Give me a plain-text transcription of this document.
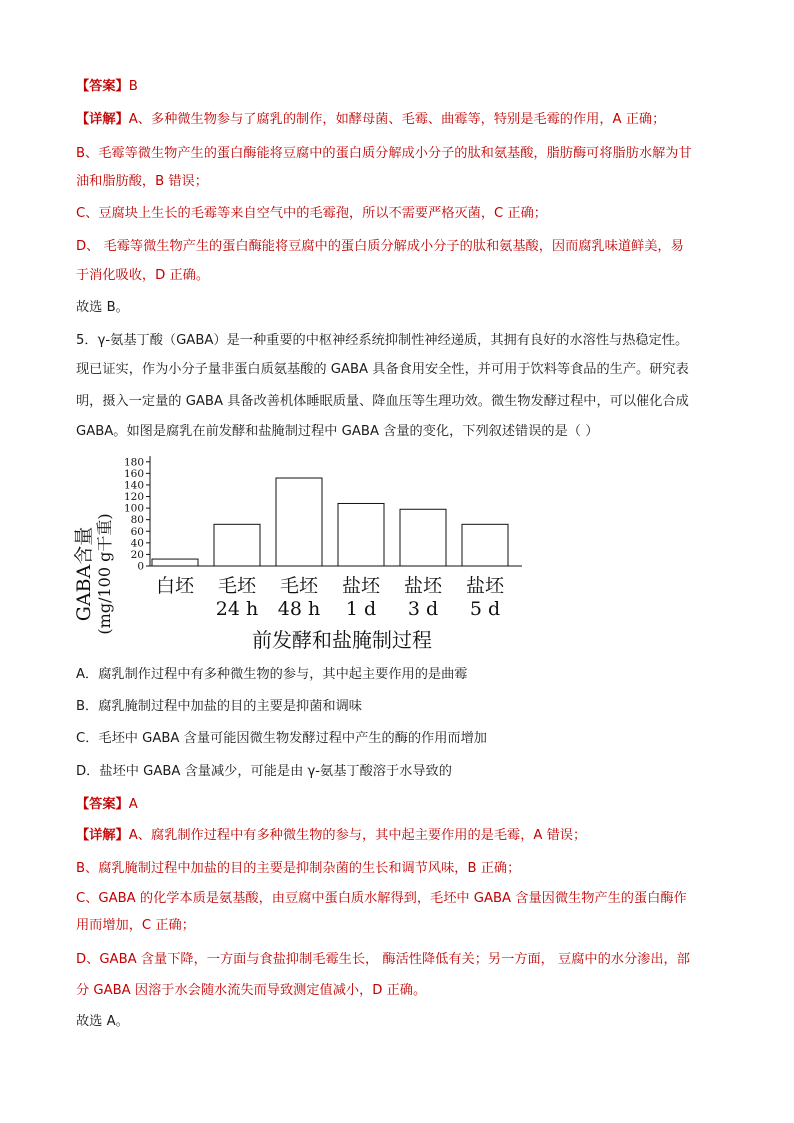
【答案】B
【详解】A、多种微生物参与了腐乳的制作，如酵母菌、毛霉、曲霉等，特别是毛霉的作用，A 正确；
B、毛霉等微生物产生的蛋白酶能将豆腐中的蛋白质分解成小分子的肽和氨基酸，脂肪酶可将脂肪水解为甘
油和脂肪酸，B 错误；
C、豆腐块上生长的毛霉等来自空气中的毛霉孢，所以不需要严格灭菌，C 正确；
D、 毛霉等微生物产生的蛋白酶能将豆腐中的蛋白质分解成小分子的肽和氨基酸，因而腐乳味道鲜美，易
于消化吸收，D 正确。
故选 B。
5．γ-氨基丁酸（GABA）是一种重要的中枢神经系统抑制性神经递质，其拥有良好的水溶性与热稳定性。
现已证实，作为小分子量非蛋白质氨基酸的 GABA 具备食用安全性，并可用于饮料等食品的生产。研究表
明，摄入一定量的 GABA 具备改善机体睡眠质量、降血压等生理功效。微生物发酵过程中，可以催化合成
GABA。如图是腐乳在前发酵和盐腌制过程中 GABA 含量的变化，下列叙述错误的是（ ）
GABA含量 (mg/100 g干重) 0
20
40
60
80
100
120
140
160
180
白坯 毛坯
24 h
毛坯
48 h
盐坯
1 d
盐坯
3 d
盐坯
5 d
前发酵和盐腌制过程
A．腐乳制作过程中有多种微生物的参与，其中起主要作用的是曲霉
B．腐乳腌制过程中加盐的目的主要是抑菌和调味
C．毛坯中 GABA 含量可能因微生物发酵过程中产生的酶的作用而增加
D．盐坯中 GABA 含量减少，可能是由 γ-氨基丁酸溶于水导致的
【答案】A
【详解】A、腐乳制作过程中有多种微生物的参与，其中起主要作用的是毛霉，A 错误；
B、腐乳腌制过程中加盐的目的主要是抑制杂菌的生长和调节风味，B 正确；
C、GABA 的化学本质是氨基酸，由豆腐中蛋白质水解得到，毛坯中 GABA 含量因微生物产生的蛋白酶作
用而增加，C 正确；
D、GABA 含量下降，一方面与食盐抑制毛霉生长， 酶活性降低有关；另一方面， 豆腐中的水分渗出，部
分 GABA 因溶于水会随水流失而导致测定值减小，D 正确。
故选 A。
